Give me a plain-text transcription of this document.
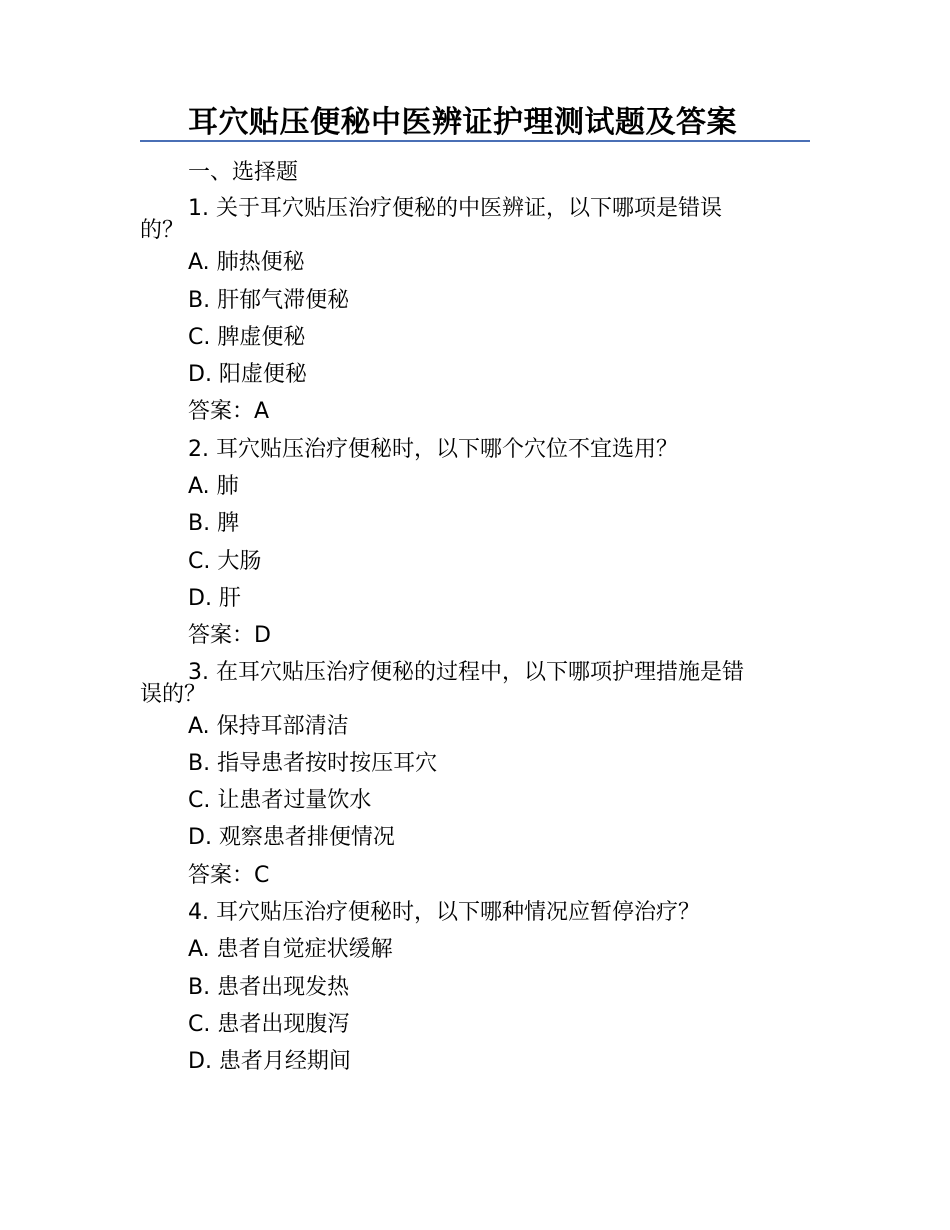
耳穴贴压便秘中医辨证护理测试题及答案

一、选择题

1. 关于耳穴贴压治疗便秘的中医辨证，以下哪项是错误
的？

A. 肺热便秘

B. 肝郁气滞便秘

C. 脾虚便秘

D. 阳虚便秘

答案：A

2. 耳穴贴压治疗便秘时，以下哪个穴位不宜选用？

A. 肺

B. 脾

C. 大肠

D. 肝

答案：D

3. 在耳穴贴压治疗便秘的过程中，以下哪项护理措施是错
误的？

A. 保持耳部清洁

B. 指导患者按时按压耳穴

C. 让患者过量饮水

D. 观察患者排便情况

答案：C

4. 耳穴贴压治疗便秘时，以下哪种情况应暂停治疗？

A. 患者自觉症状缓解

B. 患者出现发热

C. 患者出现腹泻

D. 患者月经期间
